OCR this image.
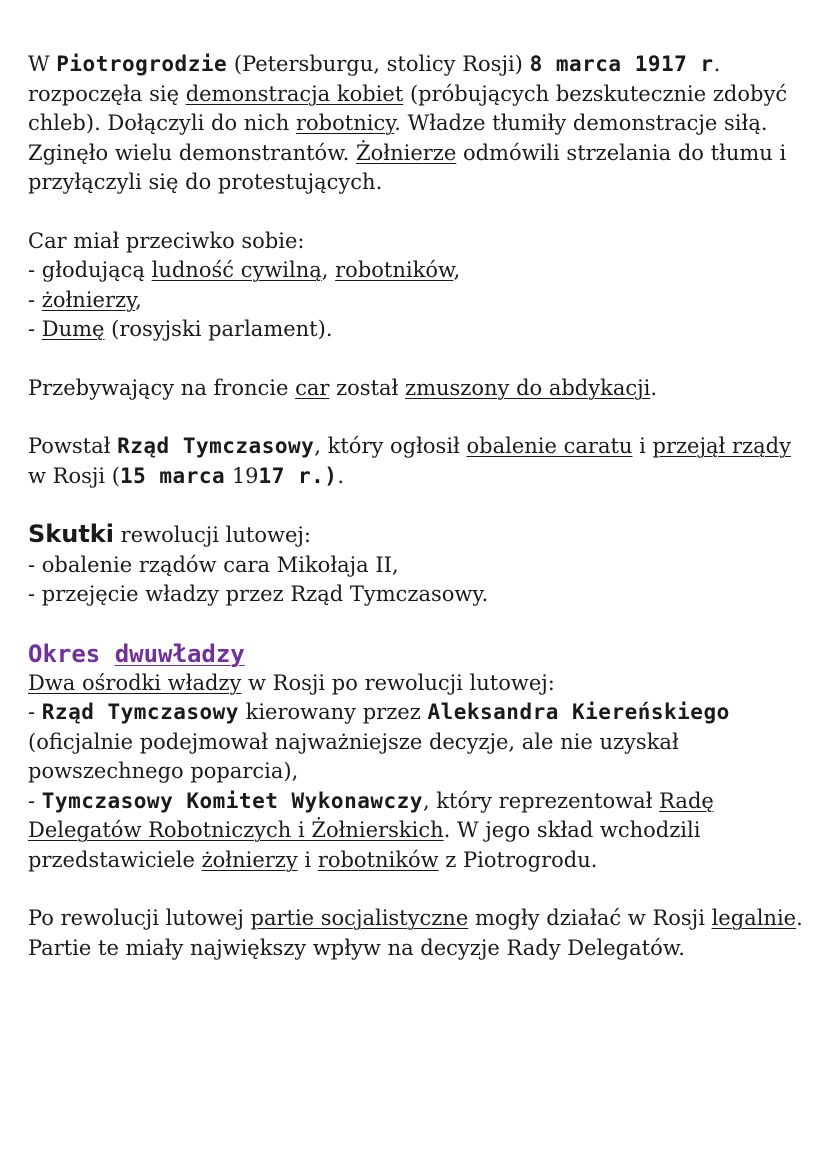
W Piotrogrodzie (Petersburgu, stolicy Rosji) 8 marca 1917 r. rozpoczęła się demonstracja kobiet (próbujących bezskutecznie zdobyć chleb). Dołączyli do nich robotnicy. Władze tłumiły demonstracje siłą. Zginęło wielu demonstrantów. Żołnierze odmówili strzelania do tłumu i przyłączyli się do protestujących.

Car miał przeciwko sobie:
- głodującą ludność cywilną, robotników,
- żołnierzy,
- Dumę (rosyjski parlament).

Przebywający na froncie car został zmuszony do abdykacji.

Powstał Rząd Tymczasowy, który ogłosił obalenie caratu i przejął rządy w Rosji (15 marca 1917 r.).

Skutki rewolucji lutowej:
- obalenie rządów cara Mikołaja II,
- przejęcie władzy przez Rząd Tymczasowy.

Okres dwuwładzy

Dwa ośrodki władzy w Rosji po rewolucji lutowej:
- Rząd Tymczasowy kierowany przez Aleksandra Kiereńskiego (oficjalnie podejmował najważniejsze decyzje, ale nie uzyskał powszechnego poparcia),
- Tymczasowy Komitet Wykonawczy, który reprezentował Radę Delegatów Robotniczych i Żołnierskich. W jego skład wchodzili przedstawiciele żołnierzy i robotników z Piotrogrodu.

Po rewolucji lutowej partie socjalistyczne mogły działać w Rosji legalnie. Partie te miały największy wpływ na decyzje Rady Delegatów.
